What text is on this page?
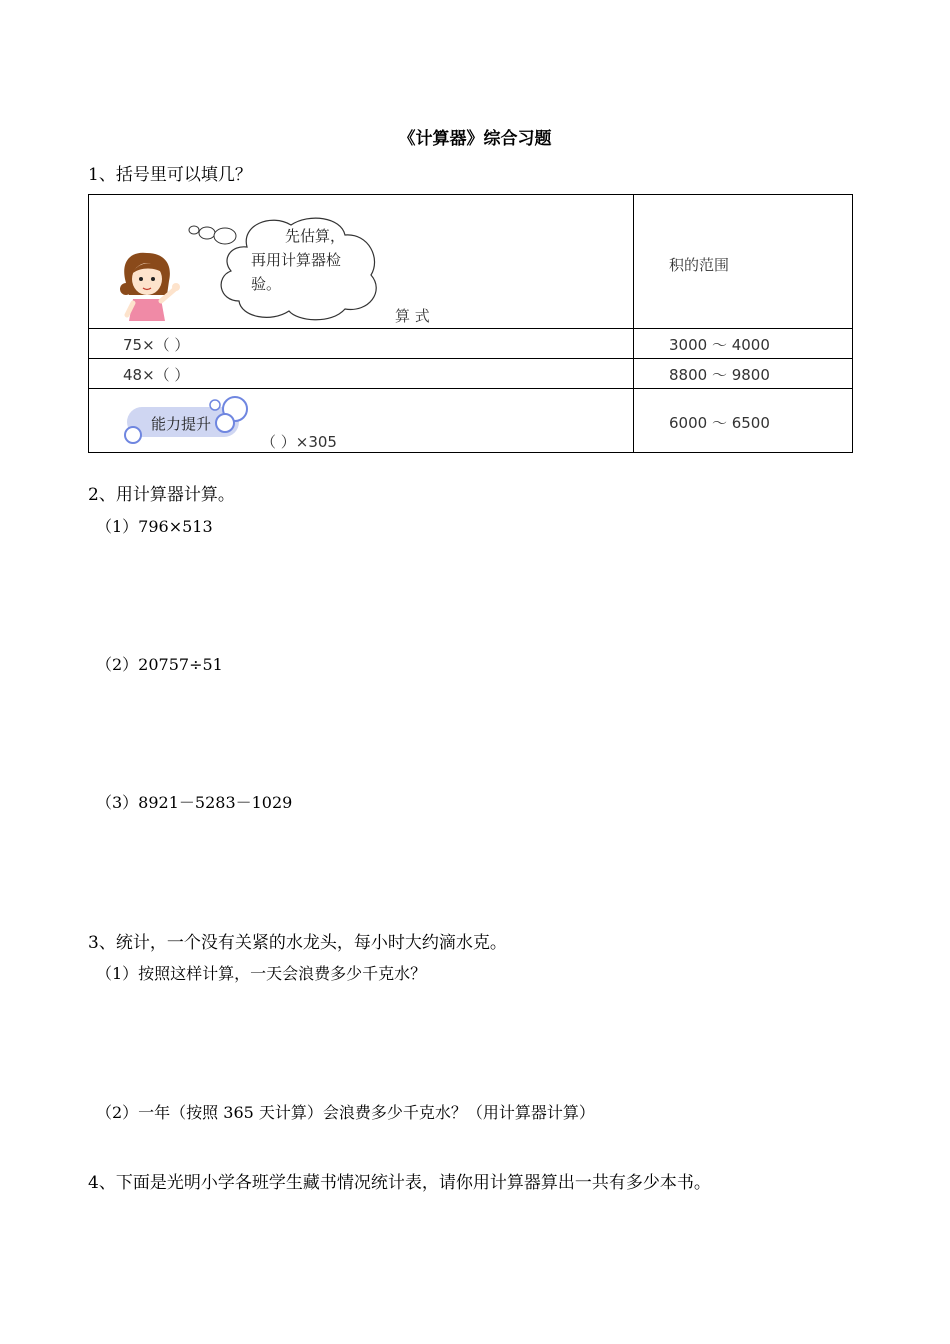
《计算器》综合习题
1、括号里可以填几？
先估算，
再用计算器检
验。
算 式
积的范围
75×（ ）	3000 ～ 4000
48×（ ）	8800 ～ 9800
能力提升
（ ）×305
6000 ～ 6500
2、用计算器计算。
（1）796×513
（2）20757÷51
（3）8921－5283－1029
3、统计，一个没有关紧的水龙头，每小时大约滴水克。
（1）按照这样计算，一天会浪费多少千克水？
（2）一年（按照 365 天计算）会浪费多少千克水？（用计算器计算）
4、下面是光明小学各班学生藏书情况统计表，请你用计算器算出一共有多少本书。
